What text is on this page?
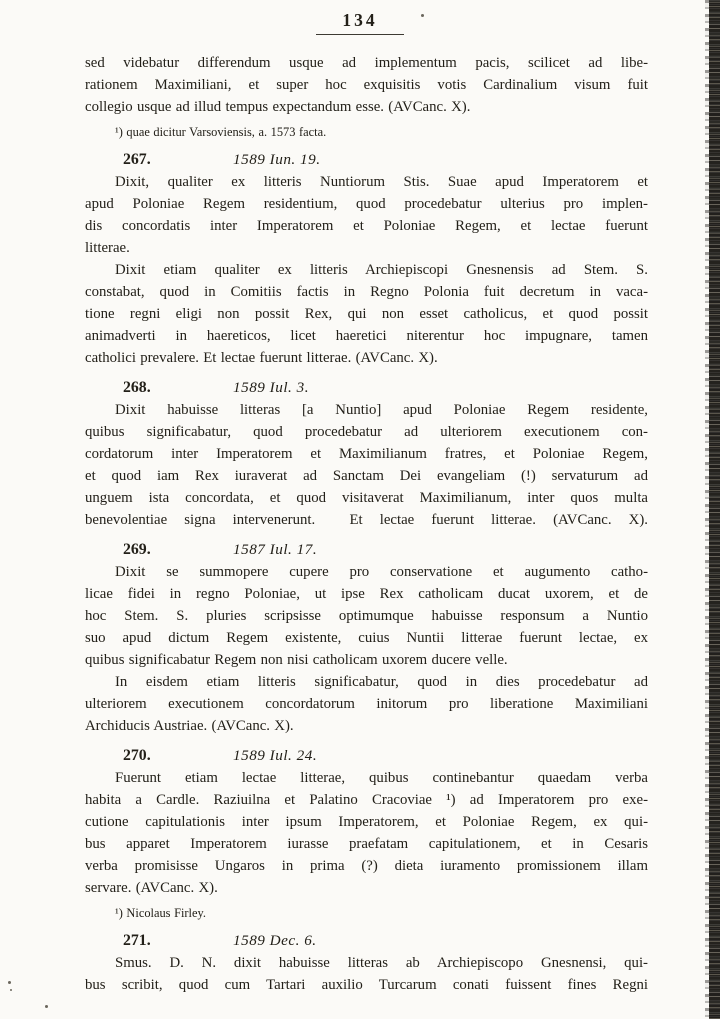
134
sed videbatur differendum usque ad implementum pacis, scilicet ad libe-
rationem Maximiliani, et super hoc exquisitis votis Cardinalium visum fuit
collegio usque ad illud tempus expectandum esse. (AVCanc. X).
¹) quae dicitur Varsoviensis, a. 1573 facta.
267.	1589 Iun. 19.
Dixit, qualiter ex litteris Nuntiorum Stis. Suae apud Imperatorem et
apud Poloniae Regem residentium, quod procedebatur ulterius pro implen-
dis concordatis inter Imperatorem et Poloniae Regem, et lectae fuerunt
litterae.
Dixit etiam qualiter ex litteris Archiepiscopi Gnesnensis ad Stem. S.
constabat, quod in Comitiis factis in Regno Polonia fuit decretum in vaca-
tione regni eligi non possit Rex, qui non esset catholicus, et quod possit
animadverti in haereticos, licet haeretici niterentur hoc impugnare, tamen
catholici prevalere. Et lectae fuerunt litterae. (AVCanc. X).
268.	1589 Iul. 3.
Dixit habuisse litteras [a Nuntio] apud Poloniae Regem residente,
quibus significabatur, quod procedebatur ad ulteriorem executionem con-
cordatorum inter Imperatorem et Maximilianum fratres, et Poloniae Regem,
et quod iam Rex iuraverat ad Sanctam Dei evangeliam (!) servaturum ad
unguem ista concordata, et quod visitaverat Maximilianum, inter quos multa
benevolentiae signa intervenerunt.  Et lectae fuerunt litterae. (AVCanc. X).
269.	1587 Iul. 17.
Dixit se summopere cupere pro conservatione et augumento catho-
licae fidei in regno Poloniae, ut ipse Rex catholicam ducat uxorem, et de
hoc Stem. S. pluries scripsisse optimumque habuisse responsum a Nuntio
suo apud dictum Regem existente, cuius Nuntii litterae fuerunt lectae, ex
quibus significabatur Regem non nisi catholicam uxorem ducere velle.
In eisdem etiam litteris significabatur, quod in dies procedebatur ad
ulteriorem executionem concordatorum initorum pro liberatione Maximiliani
Archiducis Austriae. (AVCanc. X).
270.	1589 Iul. 24.
Fuerunt etiam lectae litterae, quibus continebantur quaedam verba
habita a Cardle. Raziuilna et Palatino Cracoviae ¹) ad Imperatorem pro exe-
cutione capitulationis inter ipsum Imperatorem, et Poloniae Regem, ex qui-
bus apparet Imperatorem iurasse praefatam capitulationem, et in Cesaris
verba promisisse Ungaros in prima (?) dieta iuramento promissionem illam
servare. (AVCanc. X).
¹) Nicolaus Firley.
271.	1589 Dec. 6.
Smus. D. N. dixit habuisse litteras ab Archiepiscopo Gnesnensi, qui-
bus scribit, quod cum Tartari auxilio Turcarum conati fuissent fines Regni
